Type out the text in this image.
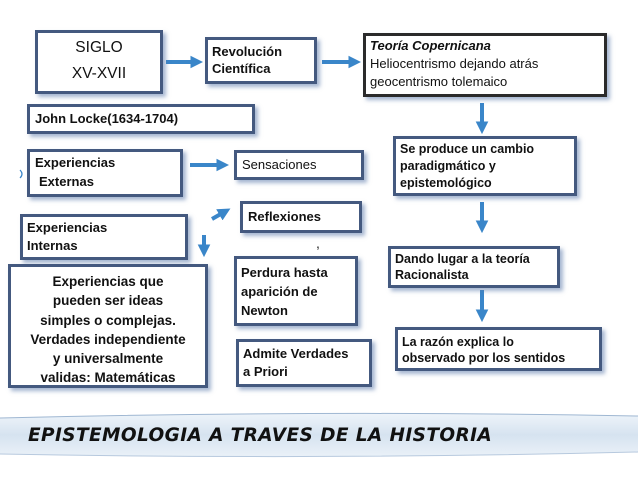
,
SIGLO
XV-XVII
Revolución
Científica
Teoría Copernicana
Heliocentrismo dejando atrás
geocentrismo tolemaico
John Locke(1634-1704)
Experiencias
Externas
Sensaciones
Experiencias
Internas
Reflexiones
Experiencias que
pueden ser ideas
simples o complejas.
Verdades independiente
y universalmente
validas: Matemáticas
Perdura hasta
aparición de
Newton
Admite Verdades
a Priori
Se produce un cambio
paradigmático y
epistemológico
Dando lugar a la teoría
Racionalista
La razón explica lo
observado por los sentidos
EPISTEMOLOGIA A TRAVES DE LA HISTORIA
